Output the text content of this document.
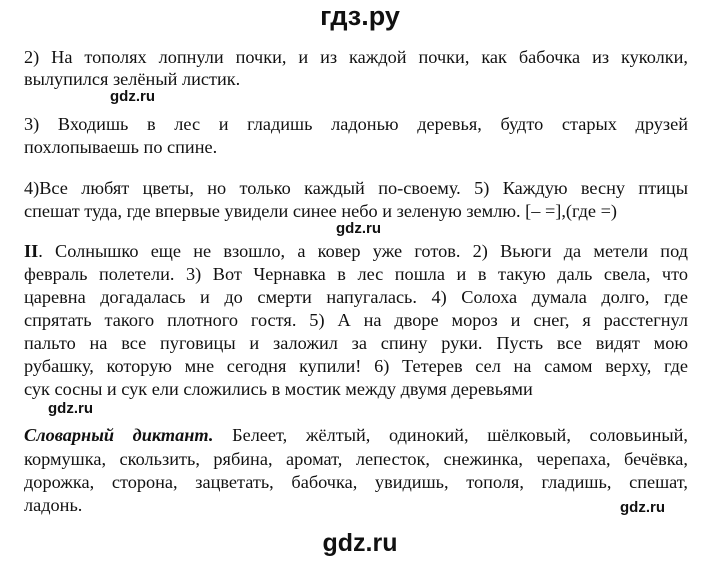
гдз.ру
2) На тополях лопнули почки, и из каждой почки, как бабочка из куколки,
вылупился зелёный листик.
gdz.ru
3) Входишь в лес и гладишь ладонью деревья, будто старых друзей
похлопываешь по спине.
4)Все любят цветы, но только каждый по-своему. 5) Каждую весну птицы
спешат туда, где впервые увидели синее небо и зеленую землю. [– =],(где =)
gdz.ru
II. Солнышко еще не взошло, а ковер уже готов. 2) Вьюги да метели под
февраль полетели. 3) Вот Чернавка в лес пошла и в такую даль свела, что
царевна догадалась и до смерти напугалась. 4) Солоха думала долго, где
спрятать такого плотного гостя. 5) А на дворе мороз и снег, я расстегнул
пальто на все пуговицы и заложил за спину руки. Пусть все видят мою
рубашку, которую мне сегодня купили! 6) Тетерев сел на самом верху, где
сук сосны и сук ели сложились в мостик между двумя деревьями
gdz.ru
Словарный диктант. Белеет, жёлтый, одинокий, шёлковый, соловьиный,
кормушка, скользить, рябина, аромат, лепесток, снежинка, черепаха, бечёвка,
дорожка, сторона, зацветать, бабочка, увидишь, тополя, гладишь, спешат,
ладонь.	gdz.ru
gdz.ru
